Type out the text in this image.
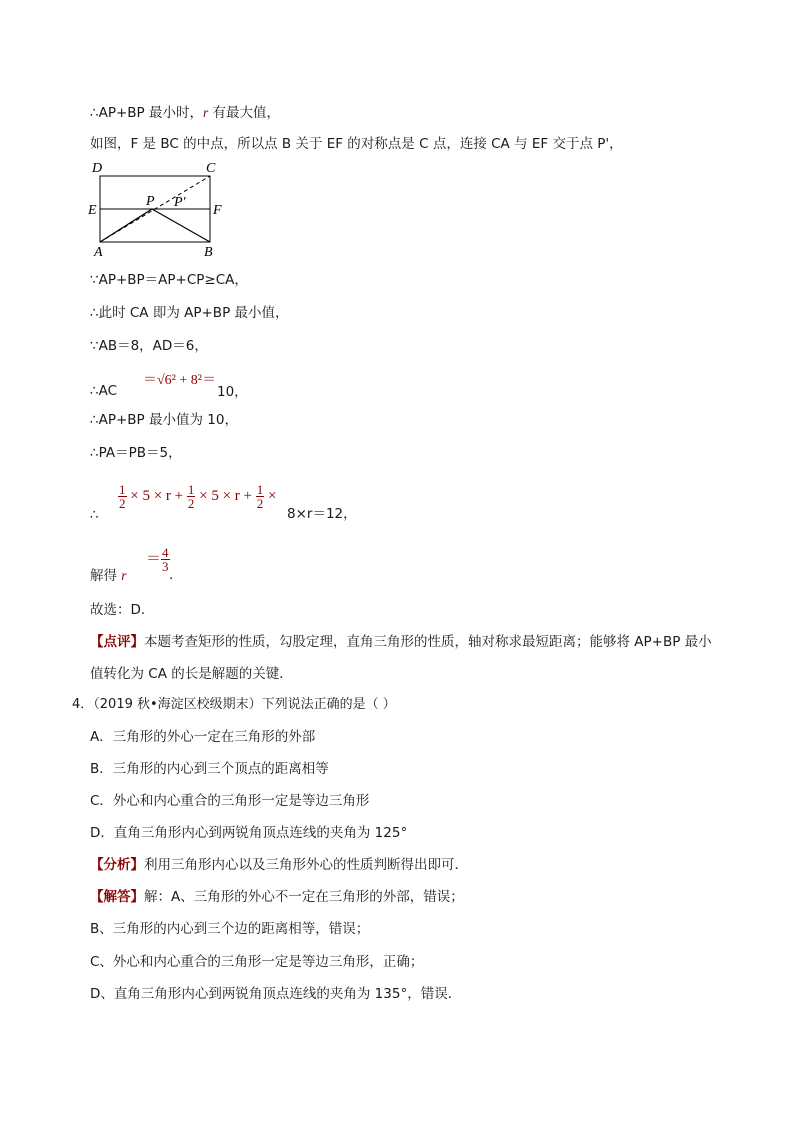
∴AP+BP 最小时，r 有最大值，
如图，F 是 BC 的中点，所以点 B 关于 EF 的对称点是 C 点，连接 CA 与 EF 交于点 P'，
D	C
E	F
P P′
A	B
∵AP+BP＝AP+CP≥CA，
∴此时 CA 即为 AP+BP 最小值，
∵AB＝8，AD＝6，
∴AC
＝√6² + 8²＝
10，
∴AP+BP 最小值为 10，
∴PA＝PB＝5，
∴
$\frac{1}{2} \times 5 \times r + \frac{1}{2} \times 5 \times r + \frac{1}{2}$ ×
8×r＝12，
解得 r
＝ $\frac{4}{3}$
.
故选：D．
【点评】本题考查矩形的性质，勾股定理，直角三角形的性质，轴对称求最短距离；能够将 AP+BP 最小
值转化为 CA 的长是解题的关键．
4．（2019 秋•海淀区校级期末）下列说法正确的是（ ）
A．三角形的外心一定在三角形的外部
B．三角形的内心到三个顶点的距离相等
C．外心和内心重合的三角形一定是等边三角形
D．直角三角形内心到两锐角顶点连线的夹角为 125°
【分析】利用三角形内心以及三角形外心的性质判断得出即可．
【解答】解：A、三角形的外心不一定在三角形的外部，错误；
B、三角形的内心到三个边的距离相等，错误；
C、外心和内心重合的三角形一定是等边三角形，正确；
D、直角三角形内心到两锐角顶点连线的夹角为 135°，错误．
